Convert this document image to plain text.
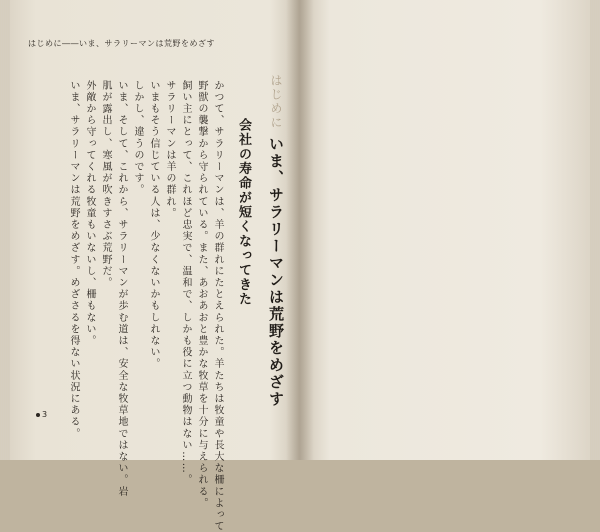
はじめに――いま、サラリーマンは荒野をめざす
はじめにいま、サラリーマンは荒野をめざす
会社の寿命が短くなってきた
かつて、サラリーマンは、羊の群れにたとえられた。羊たちは牧童や長大な柵によって
野獣の襲撃から守られている。また、あおあおと豊かな牧草を十分に与えられる。
飼い主にとって、これほど忠実で、温和で、しかも役に立つ動物はない……。
サラリーマンは羊の群れ。
いまもそう信じている人は、少なくないかもしれない。
しかし、違うのです。
いま、そして、これから、サラリーマンが歩む道は、安全な牧草地ではない。岩
肌が露出し、寒風が吹きすさぶ荒野だ。
外敵から守ってくれる牧童もいないし、柵もない。
いま、サラリーマンは荒野をめざす。めざさるを得ない状況にある。
3
